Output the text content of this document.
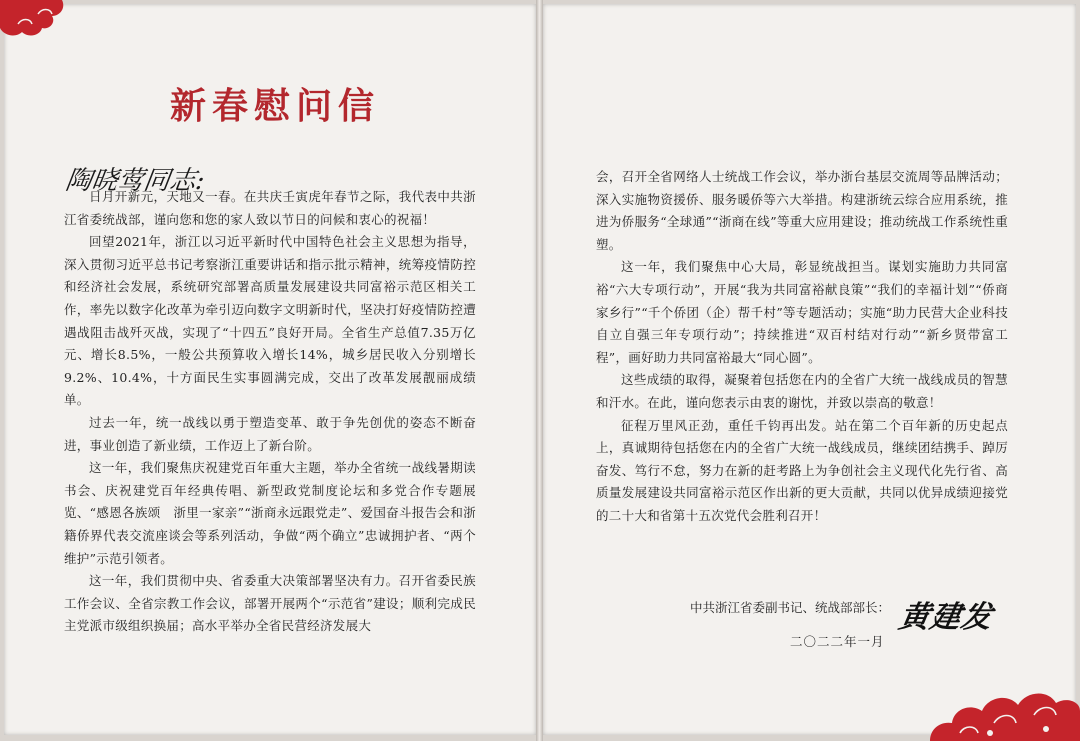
新春慰问信
陶晓莺同志:

日月开新元，天地又一春。在共庆壬寅虎年春节之际，我代表中共浙江省委统战部，谨向您和您的家人致以节日的问候和衷心的祝福！

回望2021年，浙江以习近平新时代中国特色社会主义思想为指导，深入贯彻习近平总书记考察浙江重要讲话和指示批示精神，统筹疫情防控和经济社会发展，系统研究部署高质量发展建设共同富裕示范区相关工作，率先以数字化改革为牵引迈向数字文明新时代，坚决打好疫情防控遭遇战阻击战歼灭战，实现了“十四五”良好开局。全省生产总值7.35万亿元、增长8.5%，一般公共预算收入增长14%，城乡居民收入分别增长9.2%、10.4%，十方面民生实事圆满完成，交出了改革发展靓丽成绩单。

过去一年，统一战线以勇于塑造变革、敢于争先创优的姿态不断奋进，事业创造了新业绩，工作迈上了新台阶。

这一年，我们聚焦庆祝建党百年重大主题，举办全省统一战线暑期读书会、庆祝建党百年经典传唱、新型政党制度论坛和多党合作专题展览、“感恩各族颂　浙里一家亲”“浙商永远跟党走”、爱国奋斗报告会和浙籍侨界代表交流座谈会等系列活动，争做“两个确立”忠诚拥护者、“两个维护”示范引领者。

这一年，我们贯彻中央、省委重大决策部署坚决有力。召开省委民族工作会议、全省宗教工作会议，部署开展两个“示范省”建设；顺利完成民主党派市级组织换届；高水平举办全省民营经济发展大

会，召开全省网络人士统战工作会议，举办浙台基层交流周等品牌活动；深入实施物资援侨、服务暖侨等六大举措。构建浙统云综合应用系统，推进为侨服务“全球通”“浙商在线”等重大应用建设；推动统战工作系统性重塑。

这一年，我们聚焦中心大局，彰显统战担当。谋划实施助力共同富裕“六大专项行动”，开展“我为共同富裕献良策”“我们的幸福计划”“侨商家乡行”“千个侨团（企）帮千村”等专题活动；实施“助力民营大企业科技自立自强三年专项行动”；持续推进“双百村结对行动”“新乡贤带富工程”，画好助力共同富裕最大“同心圆”。

这些成绩的取得，凝聚着包括您在内的全省广大统一战线成员的智慧和汗水。在此，谨向您表示由衷的谢忱，并致以崇高的敬意！

征程万里风正劲，重任千钧再出发。站在第二个百年新的历史起点上，真诚期待包括您在内的全省广大统一战线成员，继续团结携手、踔厉奋发、笃行不怠，努力在新的赶考路上为争创社会主义现代化先行省、高质量发展建设共同富裕示范区作出新的更大贡献，共同以优异成绩迎接党的二十大和省第十五次党代会胜利召开！

中共浙江省委副书记、统战部部长： 黄建发
二〇二二年一月
